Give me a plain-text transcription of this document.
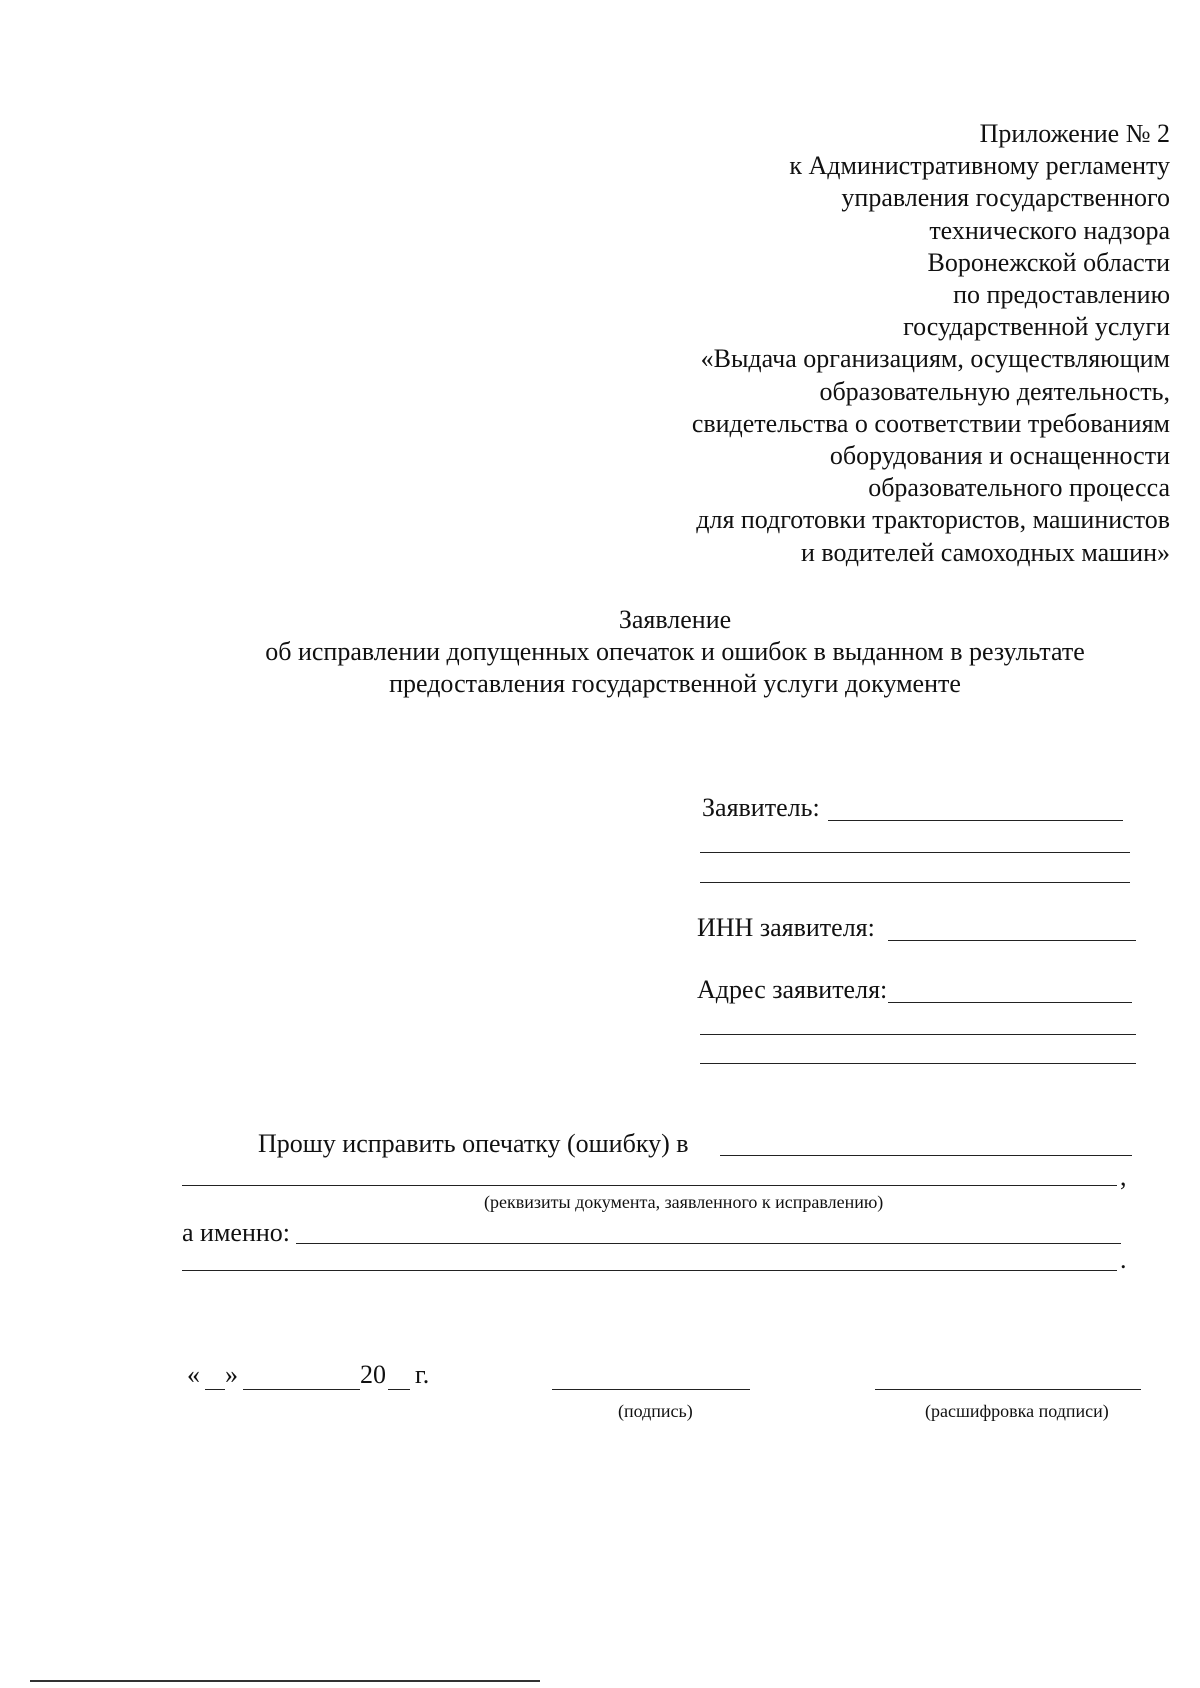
Приложение № 2
к Административному регламенту
управления государственного
технического надзора
Воронежской области
по предоставлению
государственной услуги
«Выдача организациям, осуществляющим
образовательную деятельность,
свидетельства о соответствии требованиям
оборудования и оснащенности
образовательного процесса
для подготовки трактористов, машинистов
и водителей самоходных машин»
Заявление
об исправлении допущенных опечаток и ошибок в выданном в результате
предоставления государственной услуги документе
Заявитель:
ИНН заявителя:
Адрес заявителя:
Прошу исправить опечатку (ошибку) в
,
(реквизиты документа, заявленного к исправлению)
а именно:
.
« »	20 г.
(подпись)	(расшифровка подписи)
